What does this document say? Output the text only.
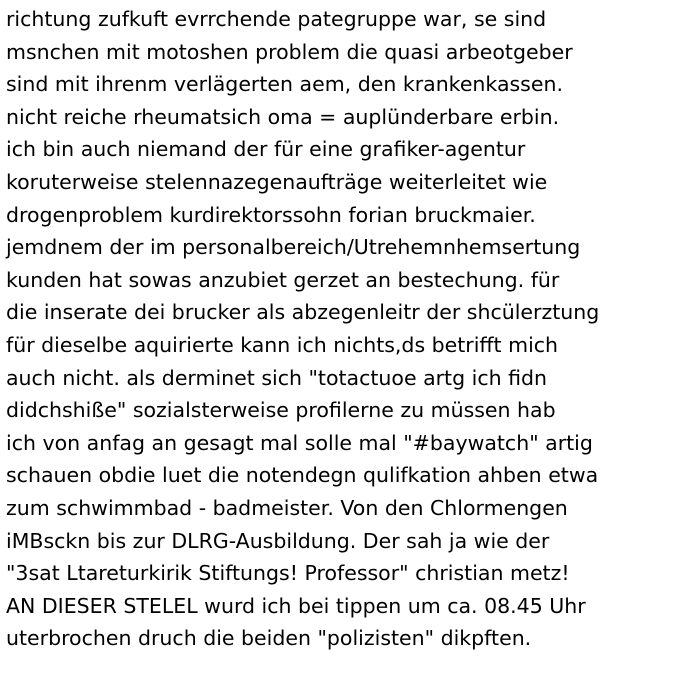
richtung zufkuft evrrchende pategruppe war, se sind
msnchen mit motoshen problem die quasi arbeotgeber
sind mit ihrenm verlägerten aem, den krankenkassen.
nicht reiche rheumatsich oma = auplünderbare erbin.
ich bin auch niemand der für eine grafiker-agentur
koruterweise stelennazegenaufträge weiterleitet wie
drogenproblem kurdirektorssohn forian bruckmaier.
jemdnem der im personalbereich/Utrehemnhemsertung
kunden hat sowas anzubiet gerzet an bestechung. für
die inserate dei brucker als abzegenleitr der shcülerztung
für dieselbe aquirierte kann ich nichts,ds betrifft mich
auch nicht. als derminet sich "totactuoe artg ich fidn
didchshiße" sozialsterweise profilerne zu müssen hab
ich von anfag an gesagt mal solle mal "#baywatch" artig
schauen obdie luet die notendegn qulifkation ahben etwa
zum schwimmbad - badmeister. Von den Chlormengen
iMBsckn bis zur DLRG-Ausbildung. Der sah ja wie der
"3sat Ltareturkirik Stiftungs! Professor" christian metz!
AN DIESER STELEL wurd ich bei tippen um ca. 08.45 Uhr
uterbrochen druch die beiden "polizisten" dikpften.
